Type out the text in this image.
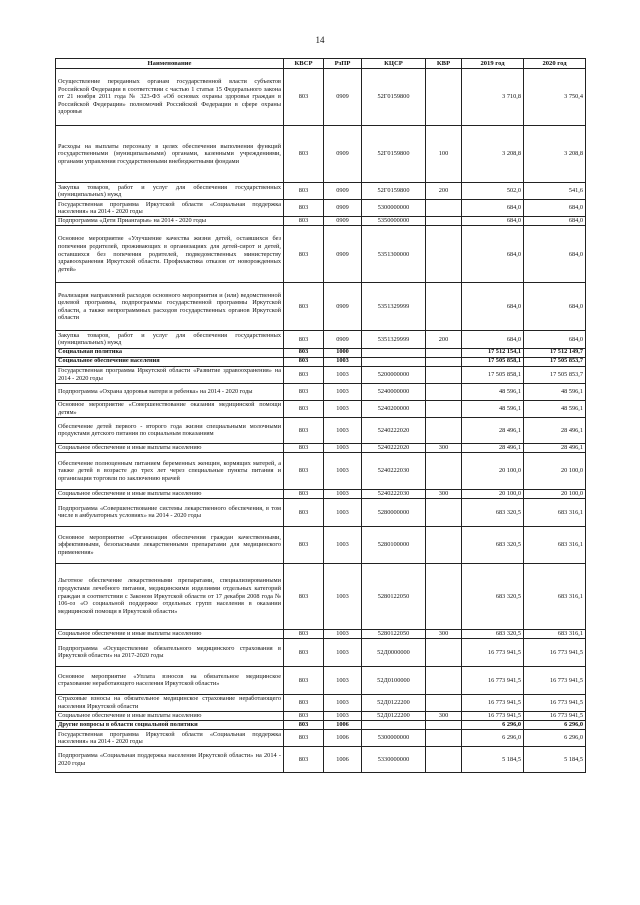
14
Наименование	КВСР	РзПР	КЦСР	КВР	2019 год	2020 год
Осуществление переданных органам государственной власти субъектов Российской Федерации в соответствии с частью 1 статьи 15 Федерального закона от 21 ноября 2011 года № 323-ФЗ «Об основах охраны здоровья граждан в Российской Федерации» полномочий Российской Федерации в сфере охраны здоровья	803	0909	52Г0159800		3 710,8	3 750,4
Расходы на выплаты персоналу в целях обеспечения выполнения функций государственными (муниципальными) органами, казенными учреждениями, органами управления государственными внебюджетными фондами	803	0909	52Г0159800	100	3 208,8	3 208,8
Закупка товаров, работ и услуг для обеспечения государственных (муниципальных) нужд	803	0909	52Г0159800	200	502,0	541,6
Государственная программа Иркутской области «Социальная поддержка населения» на 2014 - 2020 годы	803	0909	5300000000		684,0	684,0
Подпрограмма «Дети Приангарья» на 2014 - 2020 годы	803	0909	5350000000		684,0	684,0
Основное мероприятие «Улучшение качества жизни детей, оставшихся без попечения родителей, проживающих в организациях для детей-сирот и детей, оставшихся без попечения родителей, подведомственных министерству здравоохранения Иркутской области. Профилактика отказов от новорожденных детей»	803	0909	5351300000		684,0	684,0
Реализация направлений расходов основного мероприятия и (или) ведомственной целевой программы, подпрограммы государственной программы Иркутской области, а также непрограммных расходов государственных органов Иркутской области	803	0909	5351329999		684,0	684,0
Закупка товаров, работ и услуг для обеспечения государственных (муниципальных) нужд	803	0909	5351329999	200	684,0	684,0
Социальная политика	803	1000			17 512 154,1	17 512 149,7
Социальное обеспечение населения	803	1003			17 505 858,1	17 505 853,7
Государственная программа Иркутской области «Развитие здравоохранения» на 2014 - 2020 годы	803	1003	5200000000		17 505 858,1	17 505 853,7
Подпрограмма «Охрана здоровья матери и ребенка» на 2014 - 2020 годы	803	1003	5240000000		48 596,1	48 596,1
Основное мероприятие «Совершенствование оказания медицинской помощи детям»	803	1003	5240200000		48 596,1	48 596,1
Обеспечение детей первого - второго года жизни специальными молочными продуктами детского питания по социальным показаниям	803	1003	5240222020		28 496,1	28 496,1
Социальное обеспечение и иные выплаты населению	803	1003	5240222020	300	28 496,1	28 496,1
Обеспечение полноценным питанием беременных женщин, кормящих матерей, а также детей в возрасте до трех лет через специальные пункты питания и организации торговли по заключению врачей	803	1003	5240222030		20 100,0	20 100,0
Социальное обеспечение и иные выплаты населению	803	1003	5240222030	300	20 100,0	20 100,0
Подпрограмма «Совершенствование системы лекарственного обеспечения, в том числе в амбулаторных условиях» на 2014 - 2020 годы	803	1003	5280000000		683 320,5	683 316,1
Основное мероприятие «Организация обеспечения граждан качественными, эффективными, безопасными лекарственными препаратами для медицинского применения»	803	1003	5280100000		683 320,5	683 316,1
Льготное обеспечение лекарственными препаратами, специализированными продуктами лечебного питания, медицинскими изделиями отдельных категорий граждан в соответствии с Законом Иркутской области от 17 декабря 2008 года № 106-оз «О социальной поддержке отдельных групп населения в оказании медицинской помощи в Иркутской области»	803	1003	5280122050		683 320,5	683 316,1
Социальное обеспечение и иные выплаты населению	803	1003	5280122050	300	683 320,5	683 316,1
Подпрограмма «Осуществление обязательного медицинского страхования в Иркутской области» на 2017-2020 годы	803	1003	52Д0000000		16 773 941,5	16 773 941,5
Основное мероприятие «Уплата взносов на обязательное медицинское страхование неработающего населения Иркутской области»	803	1003	52Д0100000		16 773 941,5	16 773 941,5
Страховые взносы на обязательное медицинское страхование неработающего населения Иркутской области	803	1003	52Д0122200		16 773 941,5	16 773 941,5
Социальное обеспечение и иные выплаты населению	803	1003	52Д0122200	300	16 773 941,5	16 773 941,5
Другие вопросы в области социальной политики	803	1006			6 296,0	6 296,0
Государственная программа Иркутской области «Социальная поддержка населения» на 2014 - 2020 годы	803	1006	5300000000		6 296,0	6 296,0
Подпрограмма «Социальная поддержка населения Иркутской области» на 2014 - 2020 годы	803	1006	5330000000		5 184,5	5 184,5
